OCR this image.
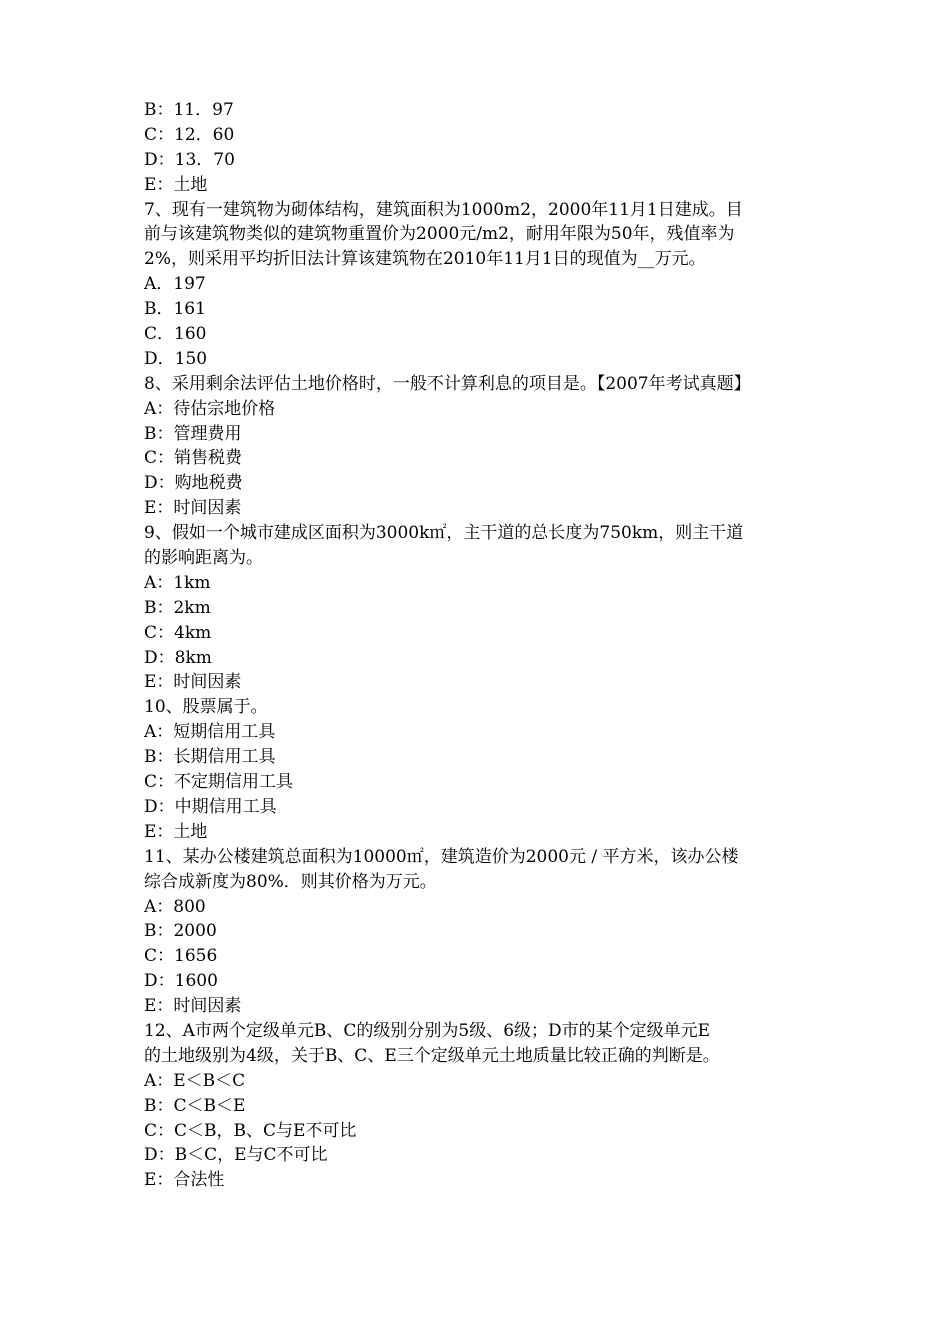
B：11．97
C：12．60
D：13．70
E：土地
7、现有一建筑物为砌体结构，建筑面积为1000m2，2000年11月1日建成。目
前与该建筑物类似的建筑物重置价为2000元/m2，耐用年限为50年，残值率为
2%，则采用平均折旧法计算该建筑物在2010年11月1日的现值为__万元。
A．197
B．161
C．160
D．150
8、采用剩余法评估土地价格时，一般不计算利息的项目是。【2007年考试真题】
A：待估宗地价格
B：管理费用
C：销售税费
D：购地税费
E：时间因素
9、假如一个城市建成区面积为3000k㎡，主干道的总长度为750km，则主干道
的影响距离为。
A：1km
B：2km
C：4km
D：8km
E：时间因素
10、股票属于。
A：短期信用工具
B：长期信用工具
C：不定期信用工具
D：中期信用工具
E：土地
11、某办公楼建筑总面积为10000㎡，建筑造价为2000元 / 平方米，该办公楼
综合成新度为80%．则其价格为万元。
A：800
B：2000
C：1656
D：1600
E：时间因素
12、A市两个定级单元B、C的级别分别为5级、6级；D市的某个定级单元E
的土地级别为4级，关于B、C、E三个定级单元土地质量比较正确的判断是。
A：E＜B＜C
B：C＜B＜E
C：C＜B，B、C与E不可比
D：B＜C，E与C不可比
E：合法性
